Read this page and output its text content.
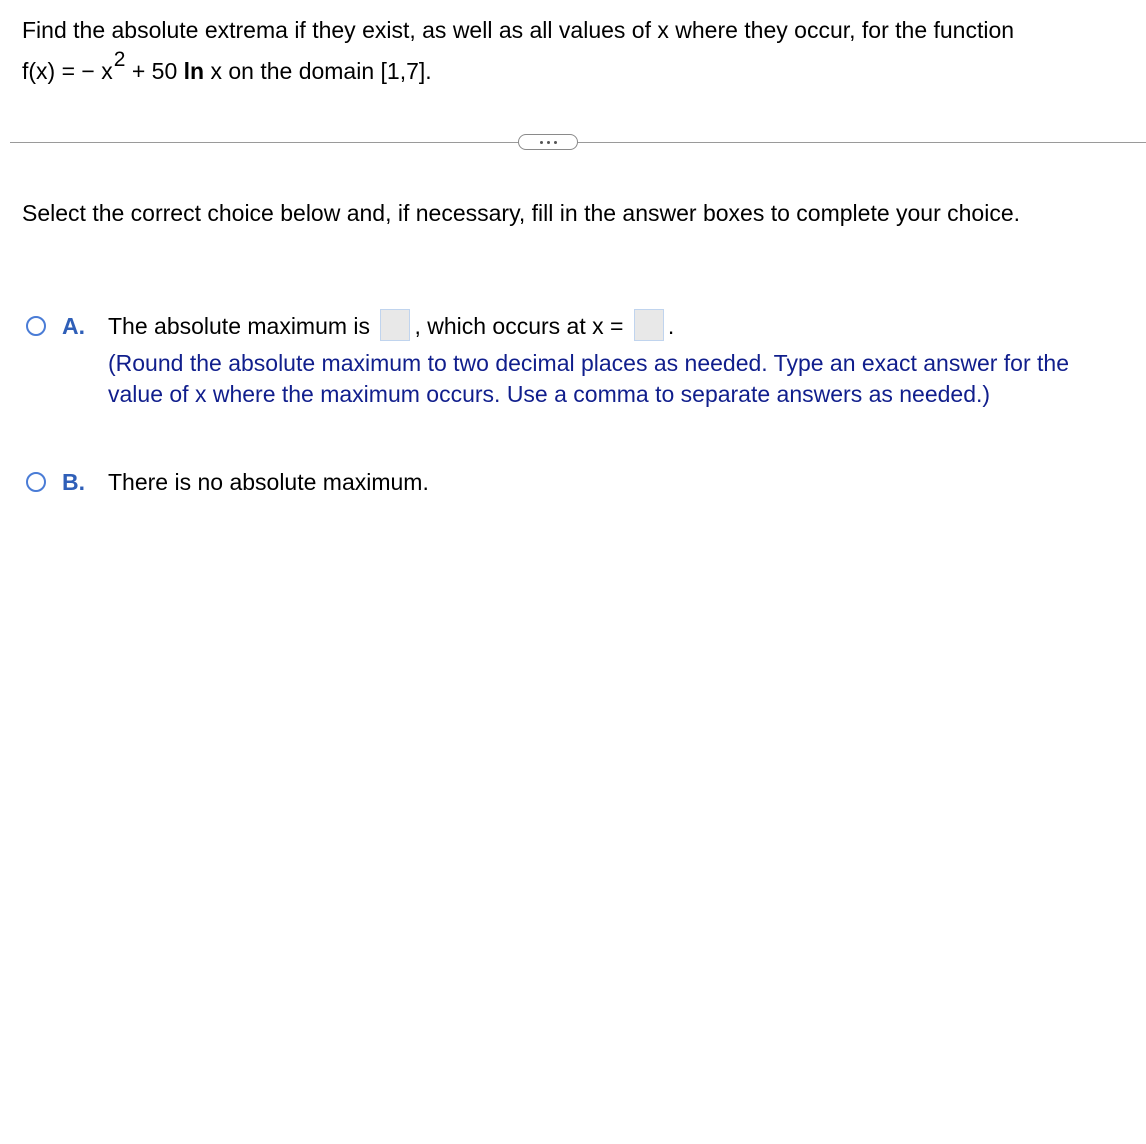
Find the absolute extrema if they exist, as well as all values of x where they occur, for the function
f(x) = − x2 + 50 ln x on the domain [1,7].
Select the correct choice below and, if necessary, fill in the answer boxes to complete your choice.
A.	The absolute maximum is , which occurs at x = .
(Round the absolute maximum to two decimal places as needed. Type an exact answer for the value of x where the maximum occurs. Use a comma to separate answers as needed.)
B.	There is no absolute maximum.
